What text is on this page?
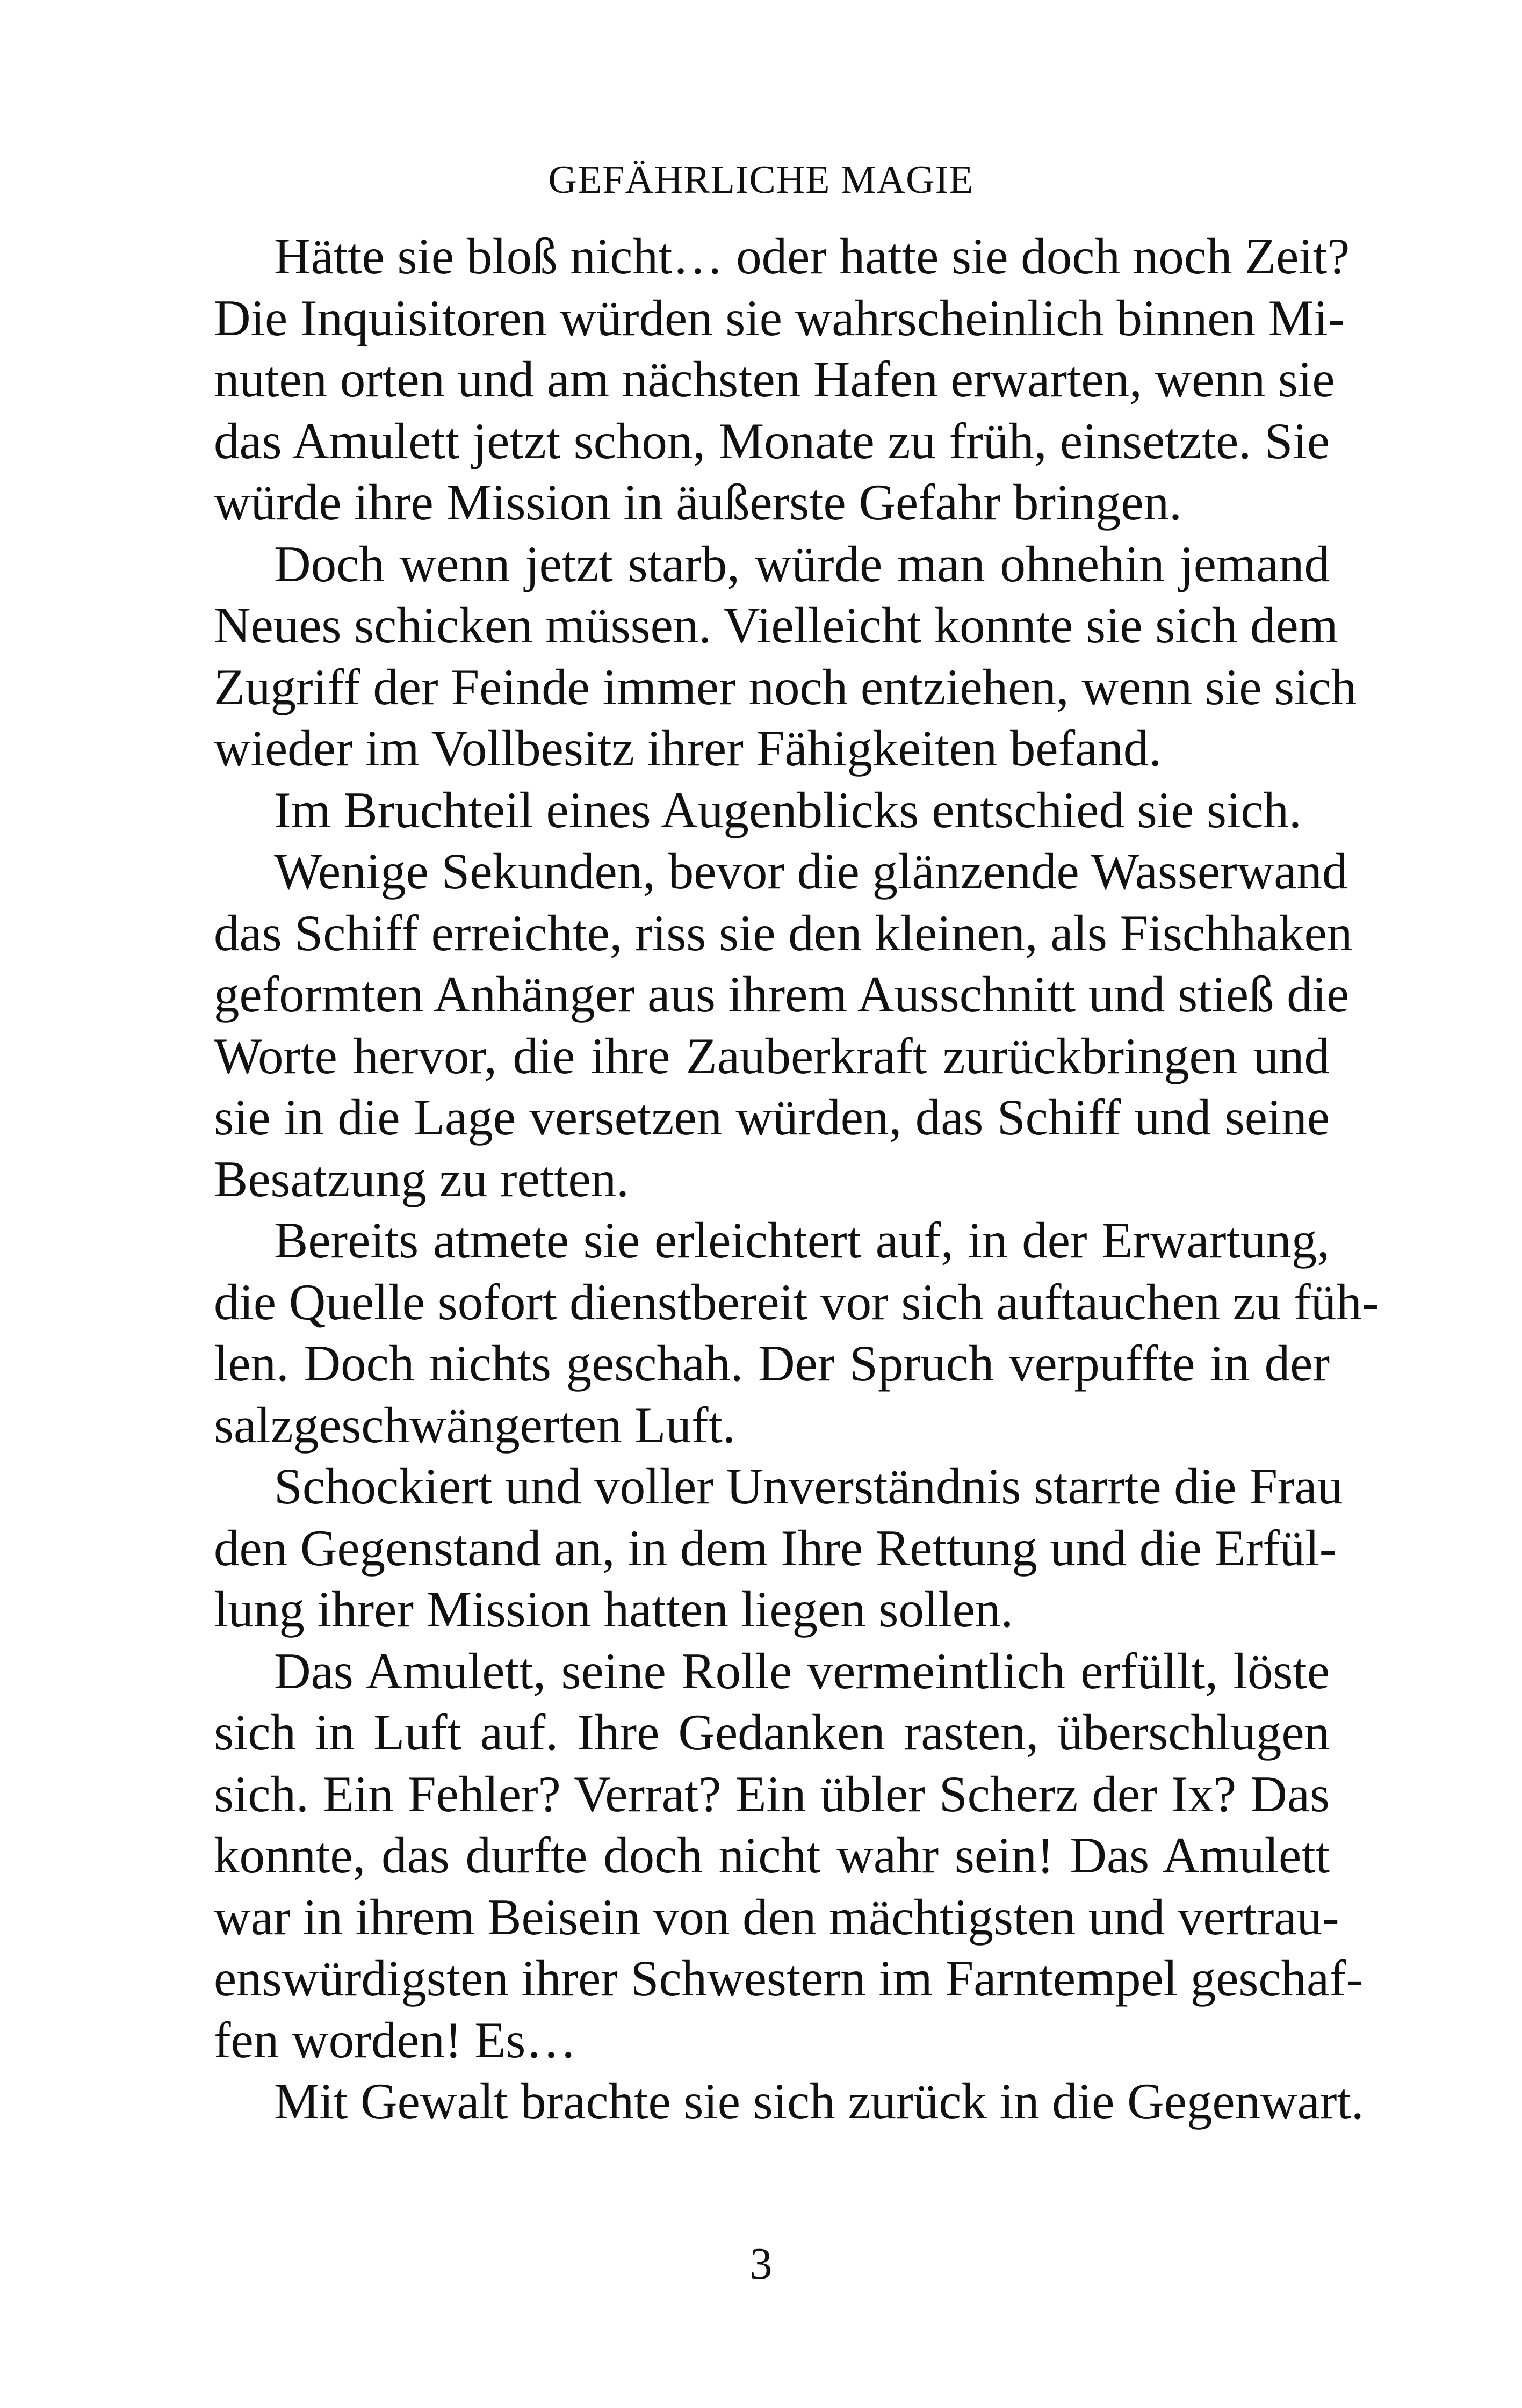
GEFÄHRLICHE MAGIE
Hätte sie bloß nicht… oder hatte sie doch noch Zeit?
Die Inquisitoren würden sie wahrscheinlich binnen Mi-
nuten orten und am nächsten Hafen erwarten, wenn sie
das Amulett jetzt schon, Monate zu früh, einsetzte. Sie
würde ihre Mission in äußerste Gefahr bringen.
Doch wenn jetzt starb, würde man ohnehin jemand
Neues schicken müssen. Vielleicht konnte sie sich dem
Zugriff der Feinde immer noch entziehen, wenn sie sich
wieder im Vollbesitz ihrer Fähigkeiten befand.
Im Bruchteil eines Augenblicks entschied sie sich.
Wenige Sekunden, bevor die glänzende Wasserwand
das Schiff erreichte, riss sie den kleinen, als Fischhaken
geformten Anhänger aus ihrem Ausschnitt und stieß die
Worte hervor, die ihre Zauberkraft zurückbringen und
sie in die Lage versetzen würden, das Schiff und seine
Besatzung zu retten.
Bereits atmete sie erleichtert auf, in der Erwartung,
die Quelle sofort dienstbereit vor sich auftauchen zu füh-
len. Doch nichts geschah. Der Spruch verpuffte in der
salzgeschwängerten Luft.
Schockiert und voller Unverständnis starrte die Frau
den Gegenstand an, in dem Ihre Rettung und die Erfül-
lung ihrer Mission hatten liegen sollen.
Das Amulett, seine Rolle vermeintlich erfüllt, löste
sich in Luft auf. Ihre Gedanken rasten, überschlugen
sich. Ein Fehler? Verrat? Ein übler Scherz der Ix? Das
konnte, das durfte doch nicht wahr sein! Das Amulett
war in ihrem Beisein von den mächtigsten und vertrau-
enswürdigsten ihrer Schwestern im Farntempel geschaf-
fen worden! Es…
Mit Gewalt brachte sie sich zurück in die Gegenwart.
3
